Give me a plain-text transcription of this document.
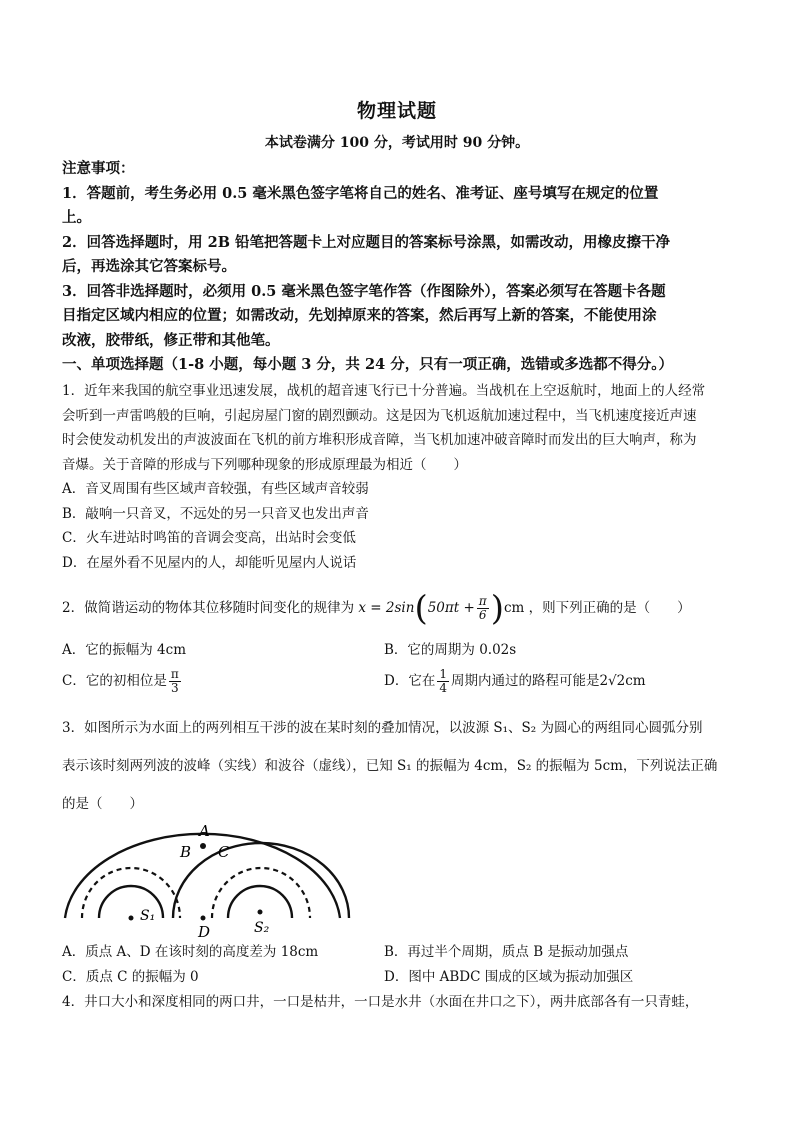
物理试题
本试卷满分 100 分，考试用时 90 分钟。
注意事项：
1．答题前，考生务必用 0.5 毫米黑色签字笔将自己的姓名、准考证、座号填写在规定的位置
上。
2．回答选择题时，用 2B 铅笔把答题卡上对应题目的答案标号涂黑，如需改动，用橡皮擦干净
后，再选涂其它答案标号。
3．回答非选择题时，必须用 0.5 毫米黑色签字笔作答（作图除外），答案必须写在答题卡各题
目指定区域内相应的位置；如需改动，先划掉原来的答案，然后再写上新的答案，不能使用涂
改液，胶带纸，修正带和其他笔。
一、单项选择题（1-8 小题，每小题 3 分，共 24 分，只有一项正确，选错或多选都不得分。）
1．近年来我国的航空事业迅速发展，战机的超音速飞行已十分普遍。当战机在上空返航时，地面上的人经常
会听到一声雷鸣般的巨响，引起房屋门窗的剧烈颤动。这是因为飞机返航加速过程中，当飞机速度接近声速
时会使发动机发出的声波波面在飞机的前方堆积形成音障，当飞机加速冲破音障时而发出的巨大响声，称为
音爆。关于音障的形成与下列哪种现象的形成原理最为相近（　　）
A．音叉周围有些区域声音较强，有些区域声音较弱
B．敲响一只音叉，不远处的另一只音叉也发出声音
C．火车进站时鸣笛的音调会变高，出站时会变低
D．在屋外看不见屋内的人，却能听见屋内人说话
2．做简谐运动的物体其位移随时间变化的规律为 $x = 2\sin(50\pi t + \frac{\pi}{6} )cm$ ，则下列正确的是（　　）
A．它的振幅为 4cm	B．它的周期为 0.02s
C．它的初相位是 $\frac{\pi}{3}$	D．它在 $\frac{1}{4}$ 周期内通过的路程可能是2√2cm
3．如图所示为水面上的两列相互干涉的波在某时刻的叠加情况，以波源 S₁、S₂ 为圆心的两组同心圆弧分别
表示该时刻两列波的波峰（实线）和波谷（虚线），已知 S₁ 的振幅为 4cm，S₂ 的振幅为 5cm，下列说法正确
的是（　　）
A
B C
D
S₁
S₂
A．质点 A、D 在该时刻的高度差为 18cm	B．再过半个周期，质点 B 是振动加强点
C．质点 C 的振幅为 0	D．图中 ABDC 围成的区域为振动加强区
4．井口大小和深度相同的两口井，一口是枯井，一口是水井（水面在井口之下），两井底部各有一只青蛙，
